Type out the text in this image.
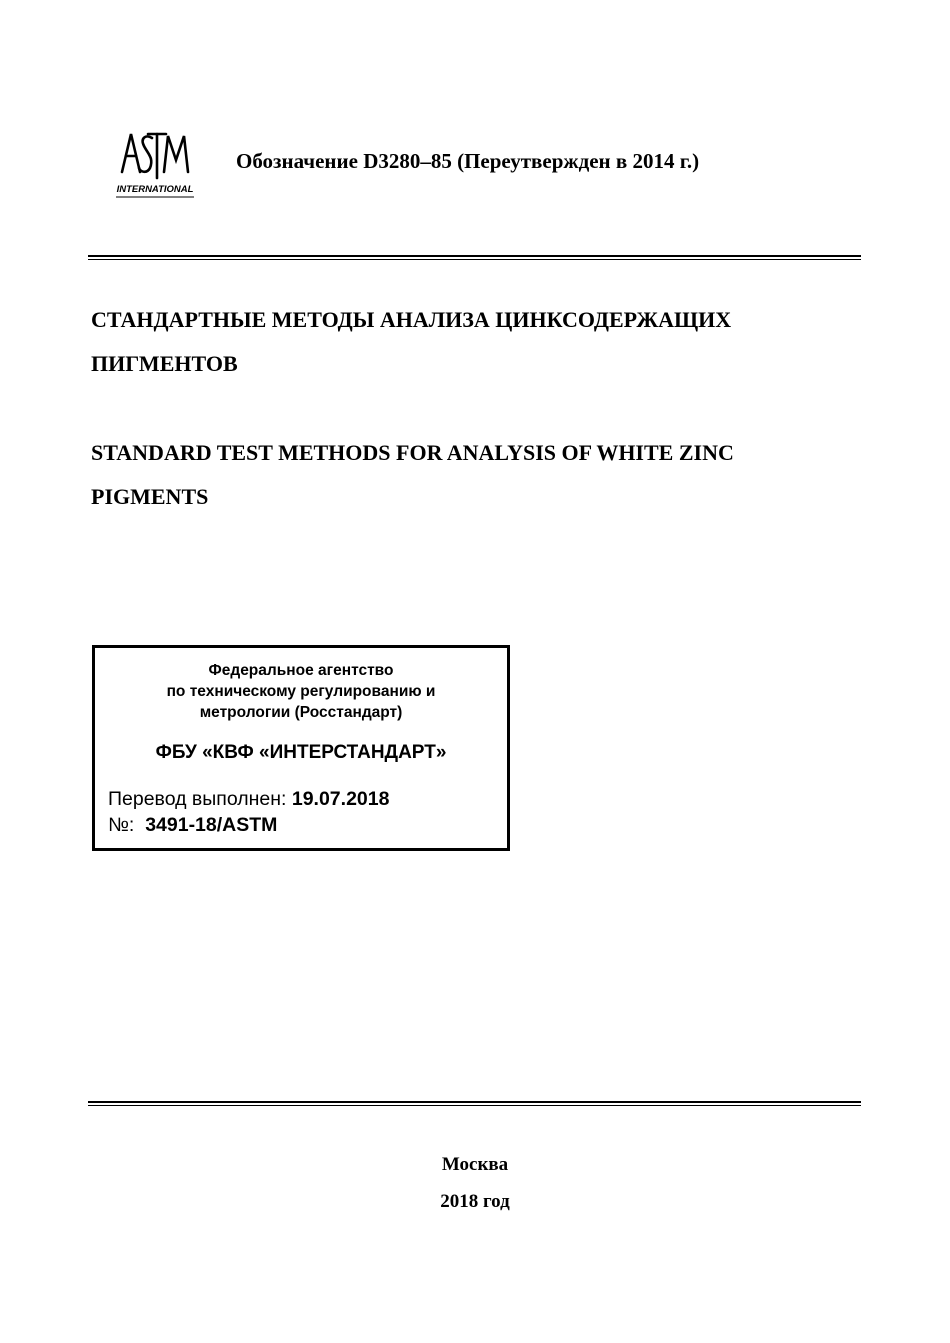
INTERNATIONAL
Обозначение D3280–85 (Переутвержден в 2014 г.)
СТАНДАРТНЫЕ МЕТОДЫ АНАЛИЗА ЦИНКСОДЕРЖАЩИХ
ПИГМЕНТОВ
STANDARD TEST METHODS FOR ANALYSIS OF WHITE ZINC
PIGMENTS
Федеральное агентство
по техническому регулированию и
метрологии (Росстандарт)
ФБУ «КВФ «ИНТЕРСТАНДАРТ»
Перевод выполнен: 19.07.2018
№: 3491-18/ASTM
Москва
2018 год
